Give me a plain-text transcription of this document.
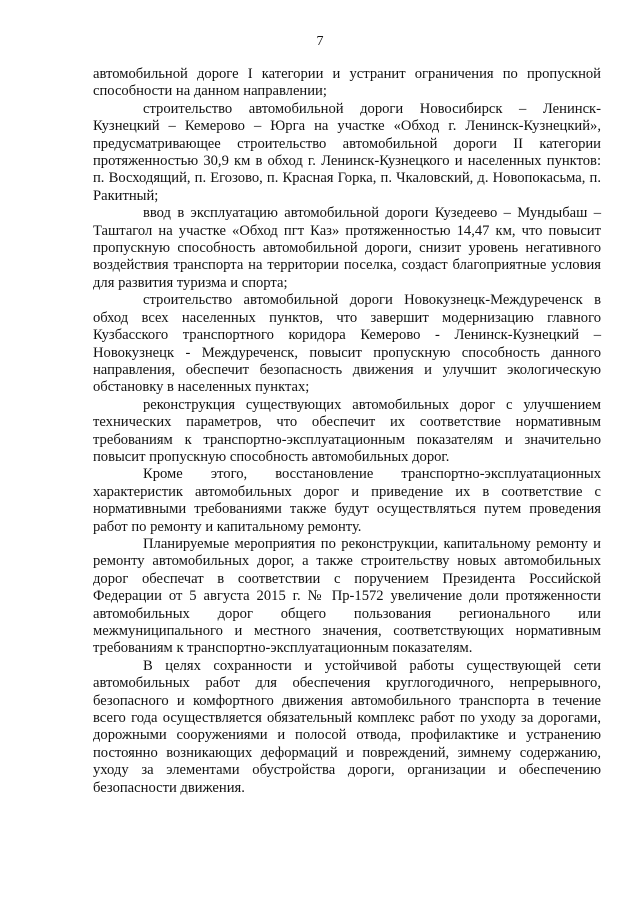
7

автомобильной дороге I категории и устранит ограничения по пропускной способности на данном направлении;

строительство автомобильной дороги Новосибирск – Ленинск-Кузнецкий – Кемерово – Юрга на участке «Обход г. Ленинск-Кузнецкий», предусматривающее строительство автомобильной дороги II категории протяженностью 30,9 км в обход г. Ленинск-Кузнецкого и населенных пунктов: п. Восходящий, п. Егозово, п. Красная Горка, п. Чкаловский, д. Новопокасьма, п. Ракитный;

ввод в эксплуатацию автомобильной дороги Кузедеево – Мундыбаш – Таштагол на участке «Обход пгт Каз» протяженностью 14,47 км, что повысит пропускную способность автомобильной дороги, снизит уровень негативного воздействия транспорта на территории поселка, создаст благоприятные условия для развития туризма и спорта;

строительство автомобильной дороги Новокузнецк-Междуреченск в обход всех населенных пунктов, что завершит модернизацию главного Кузбасского транспортного коридора Кемерово - Ленинск-Кузнецкий – Новокузнецк - Междуреченск, повысит пропускную способность данного направления, обеспечит безопасность движения и улучшит экологическую обстановку в населенных пунктах;

реконструкция существующих автомобильных дорог с улучшением технических параметров, что обеспечит их соответствие нормативным требованиям к транспортно-эксплуатационным показателям и значительно повысит пропускную способность автомобильных дорог.

Кроме этого, восстановление транспортно-эксплуатационных характеристик автомобильных дорог и приведение их в соответствие с нормативными требованиями также будут осуществляться путем проведения работ по ремонту и капитальному ремонту.

Планируемые мероприятия по реконструкции, капитальному ремонту и ремонту автомобильных дорог, а также строительству новых автомобильных дорог обеспечат в соответствии с поручением Президента Российской Федерации от 5 августа 2015 г. № Пр-1572 увеличение доли протяженности автомобильных дорог общего пользования регионального или межмуниципального и местного значения, соответствующих нормативным требованиям к транспортно-эксплуатационным показателям.

В целях сохранности и устойчивой работы существующей сети автомобильных работ для обеспечения круглогодичного, непрерывного, безопасного и комфортного движения автомобильного транспорта в течение всего года осуществляется обязательный комплекс работ по уходу за дорогами, дорожными сооружениями и полосой отвода, профилактике и устранению постоянно возникающих деформаций и повреждений, зимнему содержанию, уходу за элементами обустройства дороги, организации и обеспечению безопасности движения.
